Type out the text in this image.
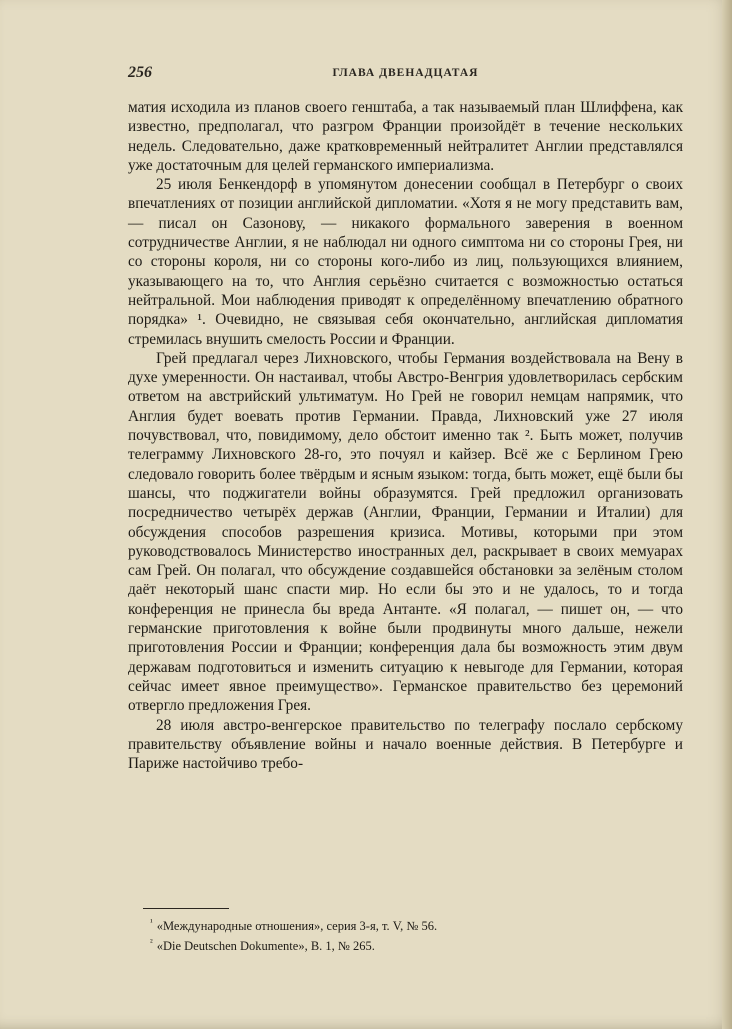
256	ГЛАВА ДВЕНАДЦАТАЯ

матия исходила из планов своего генштаба, а так называемый план Шлиффена, как известно, предполагал, что разгром Франции произойдёт в течение нескольких недель. Следовательно, даже кратковременный нейтралитет Англии представлялся уже достаточным для целей германского империализма.

25 июля Бенкендорф в упомянутом донесении сообщал в Петербург о своих впечатлениях от позиции английской дипломатии. «Хотя я не могу представить вам, — писал он Сазонову, — никакого формального заверения в военном сотрудничестве Англии, я не наблюдал ни одного симптома ни со стороны Грея, ни со стороны короля, ни со стороны кого-либо из лиц, пользующихся влиянием, указывающего на то, что Англия серьёзно считается с возможностью остаться нейтральной. Мои наблюдения приводят к определённому впечатлению обратного порядка» ¹. Очевидно, не связывая себя окончательно, английская дипломатия стремилась внушить смелость России и Франции.

Грей предлагал через Лихновского, чтобы Германия воздействовала на Вену в духе умеренности. Он настаивал, чтобы Австро-Венгрия удовлетворилась сербским ответом на австрийский ультиматум. Но Грей не говорил немцам напрямик, что Англия будет воевать против Германии. Правда, Лихновский уже 27 июля почувствовал, что, повидимому, дело обстоит именно так ². Быть может, получив телеграмму Лихновского 28-го, это почуял и кайзер. Всё же с Берлином Грею следовало говорить более твёрдым и ясным языком: тогда, быть может, ещё были бы шансы, что поджигатели войны образумятся. Грей предложил организовать посредничество четырёх держав (Англии, Франции, Германии и Италии) для обсуждения способов разрешения кризиса. Мотивы, которыми при этом руководствовалось Министерство иностранных дел, раскрывает в своих мемуарах сам Грей. Он полагал, что обсуждение создавшейся обстановки за зелёным столом даёт некоторый шанс спасти мир. Но если бы это и не удалось, то и тогда конференция не принесла бы вреда Антанте. «Я полагал, — пишет он, — что германские приготовления к войне были продвинуты много дальше, нежели приготовления России и Франции; конференция дала бы возможность этим двум державам подготовиться и изменить ситуацию к невыгоде для Германии, которая сейчас имеет явное преимущество». Германское правительство без церемоний отвергло предложения Грея.

28 июля австро-венгерское правительство по телеграфу послало сербскому правительству объявление войны и начало военные действия. В Петербурге и Париже настойчиво требо-

$^{^1}$ «Международные отношения», серия 3-я, т. V, № 56.
$^{^2}$ «Die Deutschen Dokumente», B. 1, № 265.
